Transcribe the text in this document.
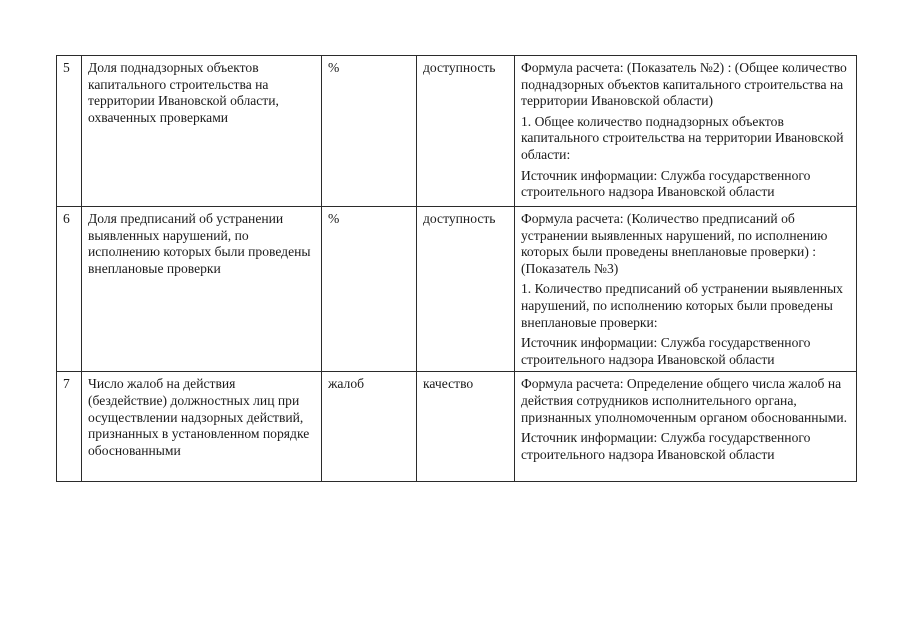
5	Доля поднадзорных объектов капитального строительства на территории Ивановской области, охваченных проверками	%	доступность	Формула расчета: (Показатель №2) : (Общее количество поднадзорных объектов капитального строительства на территории Ивановской области)
1. Общее количество поднадзорных объектов капитального строительства на территории Ивановской области:
Источник информации: Служба государственного строительного надзора Ивановской области

6	Доля предписаний об устранении выявленных нарушений, по исполнению которых были проведены внеплановые проверки	%	доступность	Формула расчета: (Количество предписаний об устранении выявленных нарушений, по исполнению которых были проведены внеплановые проверки) : (Показатель №3)
1. Количество предписаний об устранении выявленных нарушений, по исполнению которых были проведены внеплановые проверки:
Источник информации: Служба государственного строительного надзора Ивановской области

7	Число жалоб на действия (бездействие) должностных лиц при осуществлении надзорных действий, признанных в установленном порядке обоснованными	жалоб	качество	Формула расчета: Определение общего числа жалоб на действия сотрудников исполнительного органа, признанных уполномоченным органом обоснованными.
Источник информации: Служба государственного строительного надзора Ивановской области
